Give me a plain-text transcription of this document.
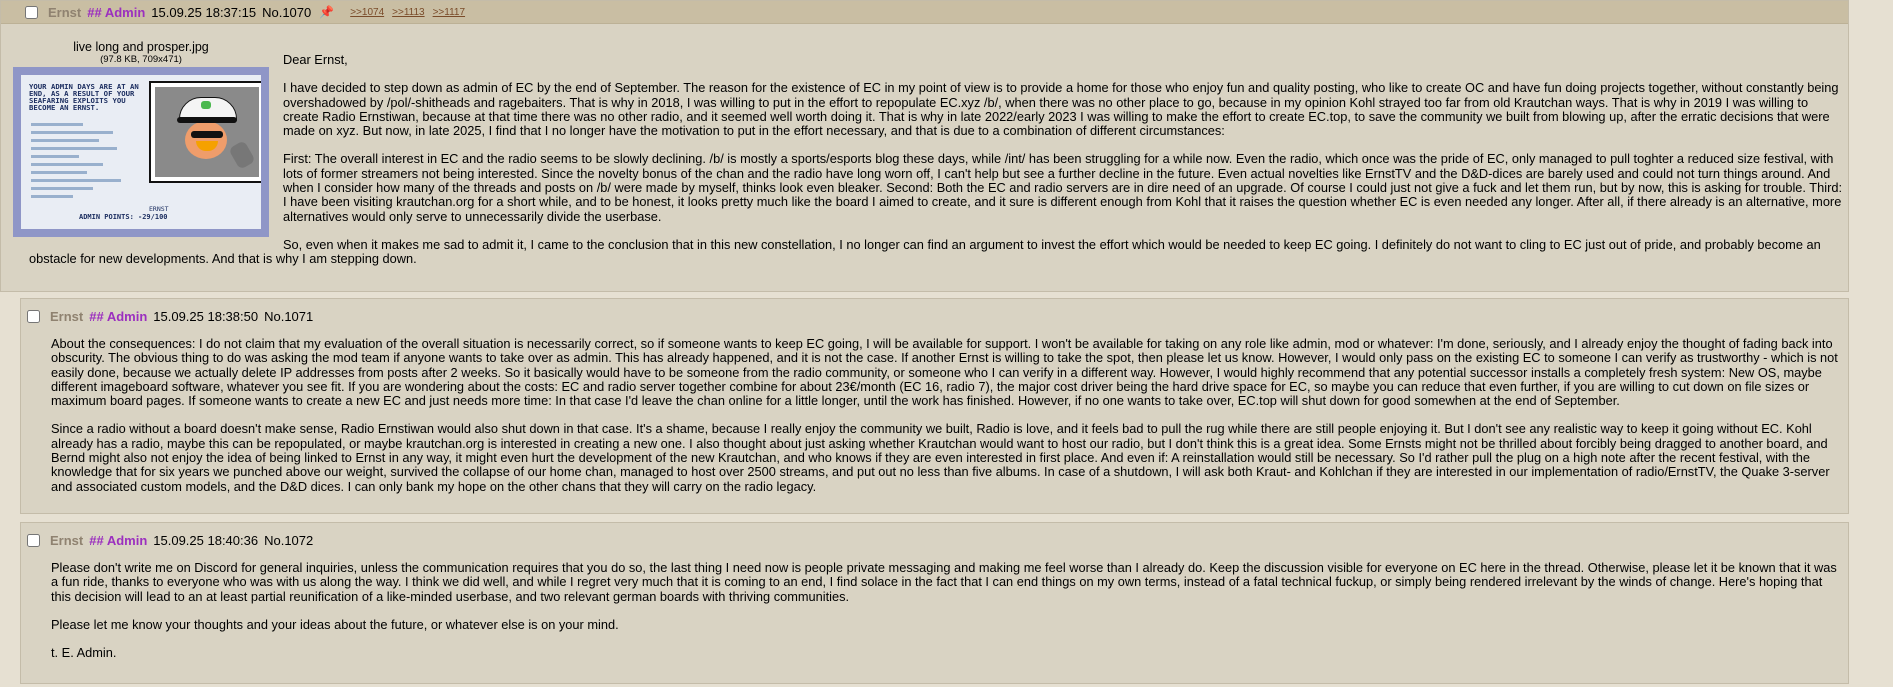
Ernst ## Admin 15.09.25 18:37:15 No.1070 📌 >>1074 >>1113 >>1117
live long and prosper.jpg
(97.8 KB, 709x471)
YOUR ADMIN DAYS ARE AT AN END, AS A RESULT OF YOUR SEAFARING EXPLOITS YOU BECOME AN ERNST.
ERNST
ADMIN POINTS: -29/100

Dear Ernst,

I have decided to step down as admin of EC by the end of September. The reason for the existence of EC in my point of view is to provide a home for those who enjoy fun and quality posting, who like to create OC and have fun doing projects together, without constantly being overshadowed by /pol/-shitheads and ragebaiters. That is why in 2018, I was willing to put in the effort to repopulate EC.xyz /b/, when there was no other place to go, because in my opinion Kohl strayed too far from old Krautchan ways. That is why in 2019 I was willing to create Radio Ernstiwan, because at that time there was no other radio, and it seemed well worth doing it. That is why in late 2022/early 2023 I was willing to make the effort to create EC.top, to save the community we built from blowing up, after the erratic decisions that were made on xyz. But now, in late 2025, I find that I no longer have the motivation to put in the effort necessary, and that is due to a combination of different circumstances:

First: The overall interest in EC and the radio seems to be slowly declining. /b/ is mostly a sports/esports blog these days, while /int/ has been struggling for a while now. Even the radio, which once was the pride of EC, only managed to pull toghter a reduced size festival, with lots of former streamers not being interested. Since the novelty bonus of the chan and the radio have long worn off, I can't help but see a further decline in the future. Even actual novelties like ErnstTV and the D&D-dices are barely used and could not turn things around. And when I consider how many of the threads and posts on /b/ were made by myself, thinks look even bleaker. Second: Both the EC and radio servers are in dire need of an upgrade. Of course I could just not give a fuck and let them run, but by now, this is asking for trouble. Third: I have been visiting krautchan.org for a short while, and to be honest, it looks pretty much like the board I aimed to create, and it sure is different enough from Kohl that it raises the question whether EC is even needed any longer. After all, if there already is an alternative, more alternatives would only serve to unnecessarily divide the userbase.

So, even when it makes me sad to admit it, I came to the conclusion that in this new constellation, I no longer can find an argument to invest the effort which would be needed to keep EC going. I definitely do not want to cling to EC just out of pride, and probably become an obstacle for new developments. And that is why I am stepping down.

Ernst ## Admin 15.09.25 18:38:50 No.1071

About the consequences: I do not claim that my evaluation of the overall situation is necessarily correct, so if someone wants to keep EC going, I will be available for support. I won't be available for taking on any role like admin, mod or whatever: I'm done, seriously, and I already enjoy the thought of fading back into obscurity. The obvious thing to do was asking the mod team if anyone wants to take over as admin. This has already happened, and it is not the case. If another Ernst is willing to take the spot, then please let us know. However, I would only pass on the existing EC to someone I can verify as trustworthy - which is not easily done, because we actually delete IP addresses from posts after 2 weeks. So it basically would have to be someone from the radio community, or someone who I can verify in a different way. However, I would highly recommend that any potential successor installs a completely fresh system: New OS, maybe different imageboard software, whatever you see fit. If you are wondering about the costs: EC and radio server together combine for about 23€/month (EC 16, radio 7), the major cost driver being the hard drive space for EC, so maybe you can reduce that even further, if you are willing to cut down on file sizes or maximum board pages. If someone wants to create a new EC and just needs more time: In that case I'd leave the chan online for a little longer, until the work has finished. However, if no one wants to take over, EC.top will shut down for good somewhen at the end of September.

Since a radio without a board doesn't make sense, Radio Ernstiwan would also shut down in that case. It's a shame, because I really enjoy the community we built, Radio is love, and it feels bad to pull the rug while there are still people enjoying it. But I don't see any realistic way to keep it going without EC. Kohl already has a radio, maybe this can be repopulated, or maybe krautchan.org is interested in creating a new one. I also thought about just asking whether Krautchan would want to host our radio, but I don't think this is a great idea. Some Ernsts might not be thrilled about forcibly being dragged to another board, and Bernd might also not enjoy the idea of being linked to Ernst in any way, it might even hurt the development of the new Krautchan, and who knows if they are even interested in first place. And even if: A reinstallation would still be necessary. So I'd rather pull the plug on a high note after the recent festival, with the knowledge that for six years we punched above our weight, survived the collapse of our home chan, managed to host over 2500 streams, and put out no less than five albums. In case of a shutdown, I will ask both Kraut- and Kohlchan if they are interested in our implementation of radio/ErnstTV, the Quake 3-server and associated custom models, and the D&D dices. I can only bank my hope on the other chans that they will carry on the radio legacy.

Ernst ## Admin 15.09.25 18:40:36 No.1072

Please don't write me on Discord for general inquiries, unless the communication requires that you do so, the last thing I need now is people private messaging and making me feel worse than I already do. Keep the discussion visible for everyone on EC here in the thread. Otherwise, please let it be known that it was a fun ride, thanks to everyone who was with us along the way. I think we did well, and while I regret very much that it is coming to an end, I find solace in the fact that I can end things on my own terms, instead of a fatal technical fuckup, or simply being rendered irrelevant by the winds of change. Here's hoping that this decision will lead to an at least partial reunification of a like-minded userbase, and two relevant german boards with thriving communities.

Please let me know your thoughts and your ideas about the future, or whatever else is on your mind.

t. E. Admin.
